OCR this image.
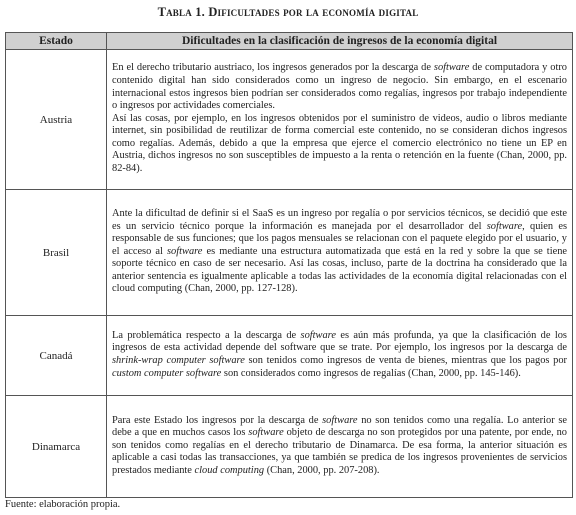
Tabla 1. Dificultades por la economía digital
Estado	Dificultades en la clasificación de ingresos de la economía digital
Austria	En el derecho tributario austriaco, los ingresos generados por la descarga de software de computadora y otro contenido digital han sido considerados como un ingreso de negocio. Sin embargo, en el escenario internacional estos ingresos bien podrían ser considerados como regalías, ingresos por trabajo independiente o ingresos por actividades comerciales.

Así las cosas, por ejemplo, en los ingresos obtenidos por el suministro de videos, audio o libros mediante internet, sin posibilidad de reutilizar de forma comercial este contenido, no se consideran dichos ingresos como regalías. Además, debido a que la empresa que ejerce el comercio electrónico no tiene un EP en Austria, dichos ingresos no son susceptibles de impuesto a la renta o retención en la fuente (Chan, 2000, pp. 82-84).

Brasil	Ante la dificultad de definir si el SaaS es un ingreso por regalía o por servicios técnicos, se decidió que este es un servicio técnico porque la información es manejada por el desarrollador del software, quien es responsable de sus funciones; que los pagos mensuales se relacionan con el paquete elegido por el usuario, y el acceso al software es mediante una estructura automatizada que está en la red y sobre la que se tiene soporte técnico en caso de ser necesario. Así las cosas, incluso, parte de la doctrina ha considerado que la anterior sentencia es igualmente aplicable a todas las actividades de la economía digital relacionadas con el cloud computing (Chan, 2000, pp. 127-128).

Canadá	La problemática respecto a la descarga de software es aún más profunda, ya que la clasificación de los ingresos de esta actividad depende del software que se trate. Por ejemplo, los ingresos por la descarga de shrink-wrap computer software son tenidos como ingresos de venta de bienes, mientras que los pagos por custom computer software son considerados como ingresos de regalías (Chan, 2000, pp. 145-146).

Dinamarca	Para este Estado los ingresos por la descarga de software no son tenidos como una regalía. Lo anterior se debe a que en muchos casos los software objeto de descarga no son protegidos por una patente, por ende, no son tenidos como regalías en el derecho tributario de Dinamarca. De esa forma, la anterior situación es aplicable a casi todas las transacciones, ya que también se predica de los ingresos provenientes de servicios prestados mediante cloud computing (Chan, 2000, pp. 207-208).

Fuente: elaboración propia.
